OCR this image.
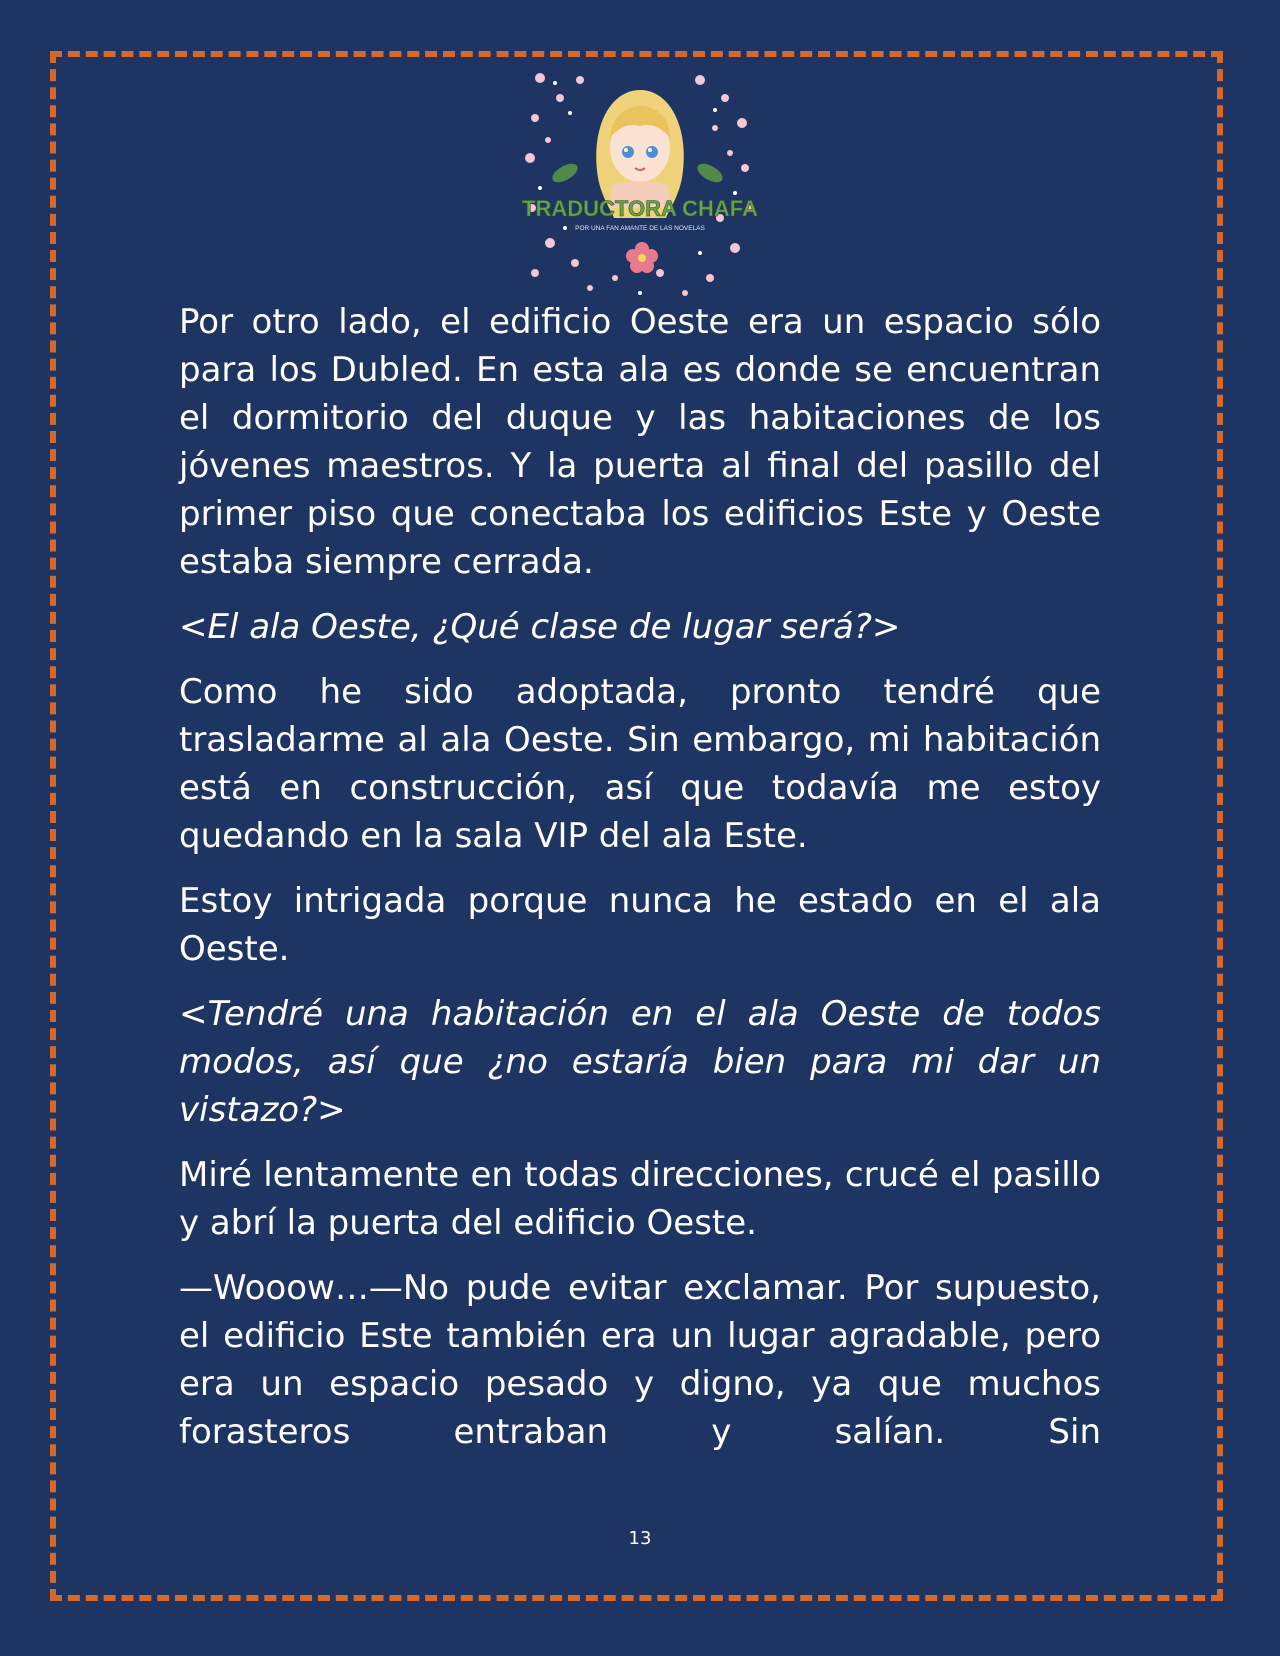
TRADUCTORA CHAFA
POR UNA FAN AMANTE DE LAS NOVELAS

Por otro lado, el edificio Oeste era un espacio sólo para los Dubled. En esta ala es donde se encuentran el dormitorio del duque y las habitaciones de los jóvenes maestros. Y la puerta al final del pasillo del primer piso que conectaba los edificios Este y Oeste estaba siempre cerrada.

<El ala Oeste, ¿Qué clase de lugar será?>

Como he sido adoptada, pronto tendré que trasladarme al ala Oeste. Sin embargo, mi habitación está en construcción, así que todavía me estoy quedando en la sala VIP del ala Este.

Estoy intrigada porque nunca he estado en el ala Oeste.

<Tendré una habitación en el ala Oeste de todos modos, así que ¿no estaría bien para mi dar un vistazo?>

Miré lentamente en todas direcciones, crucé el pasillo y abrí la puerta del edificio Oeste.

—Wooow…—No pude evitar exclamar. Por supuesto, el edificio Este también era un lugar agradable, pero era un espacio pesado y digno, ya que muchos forasteros entraban y salían. Sin

13
